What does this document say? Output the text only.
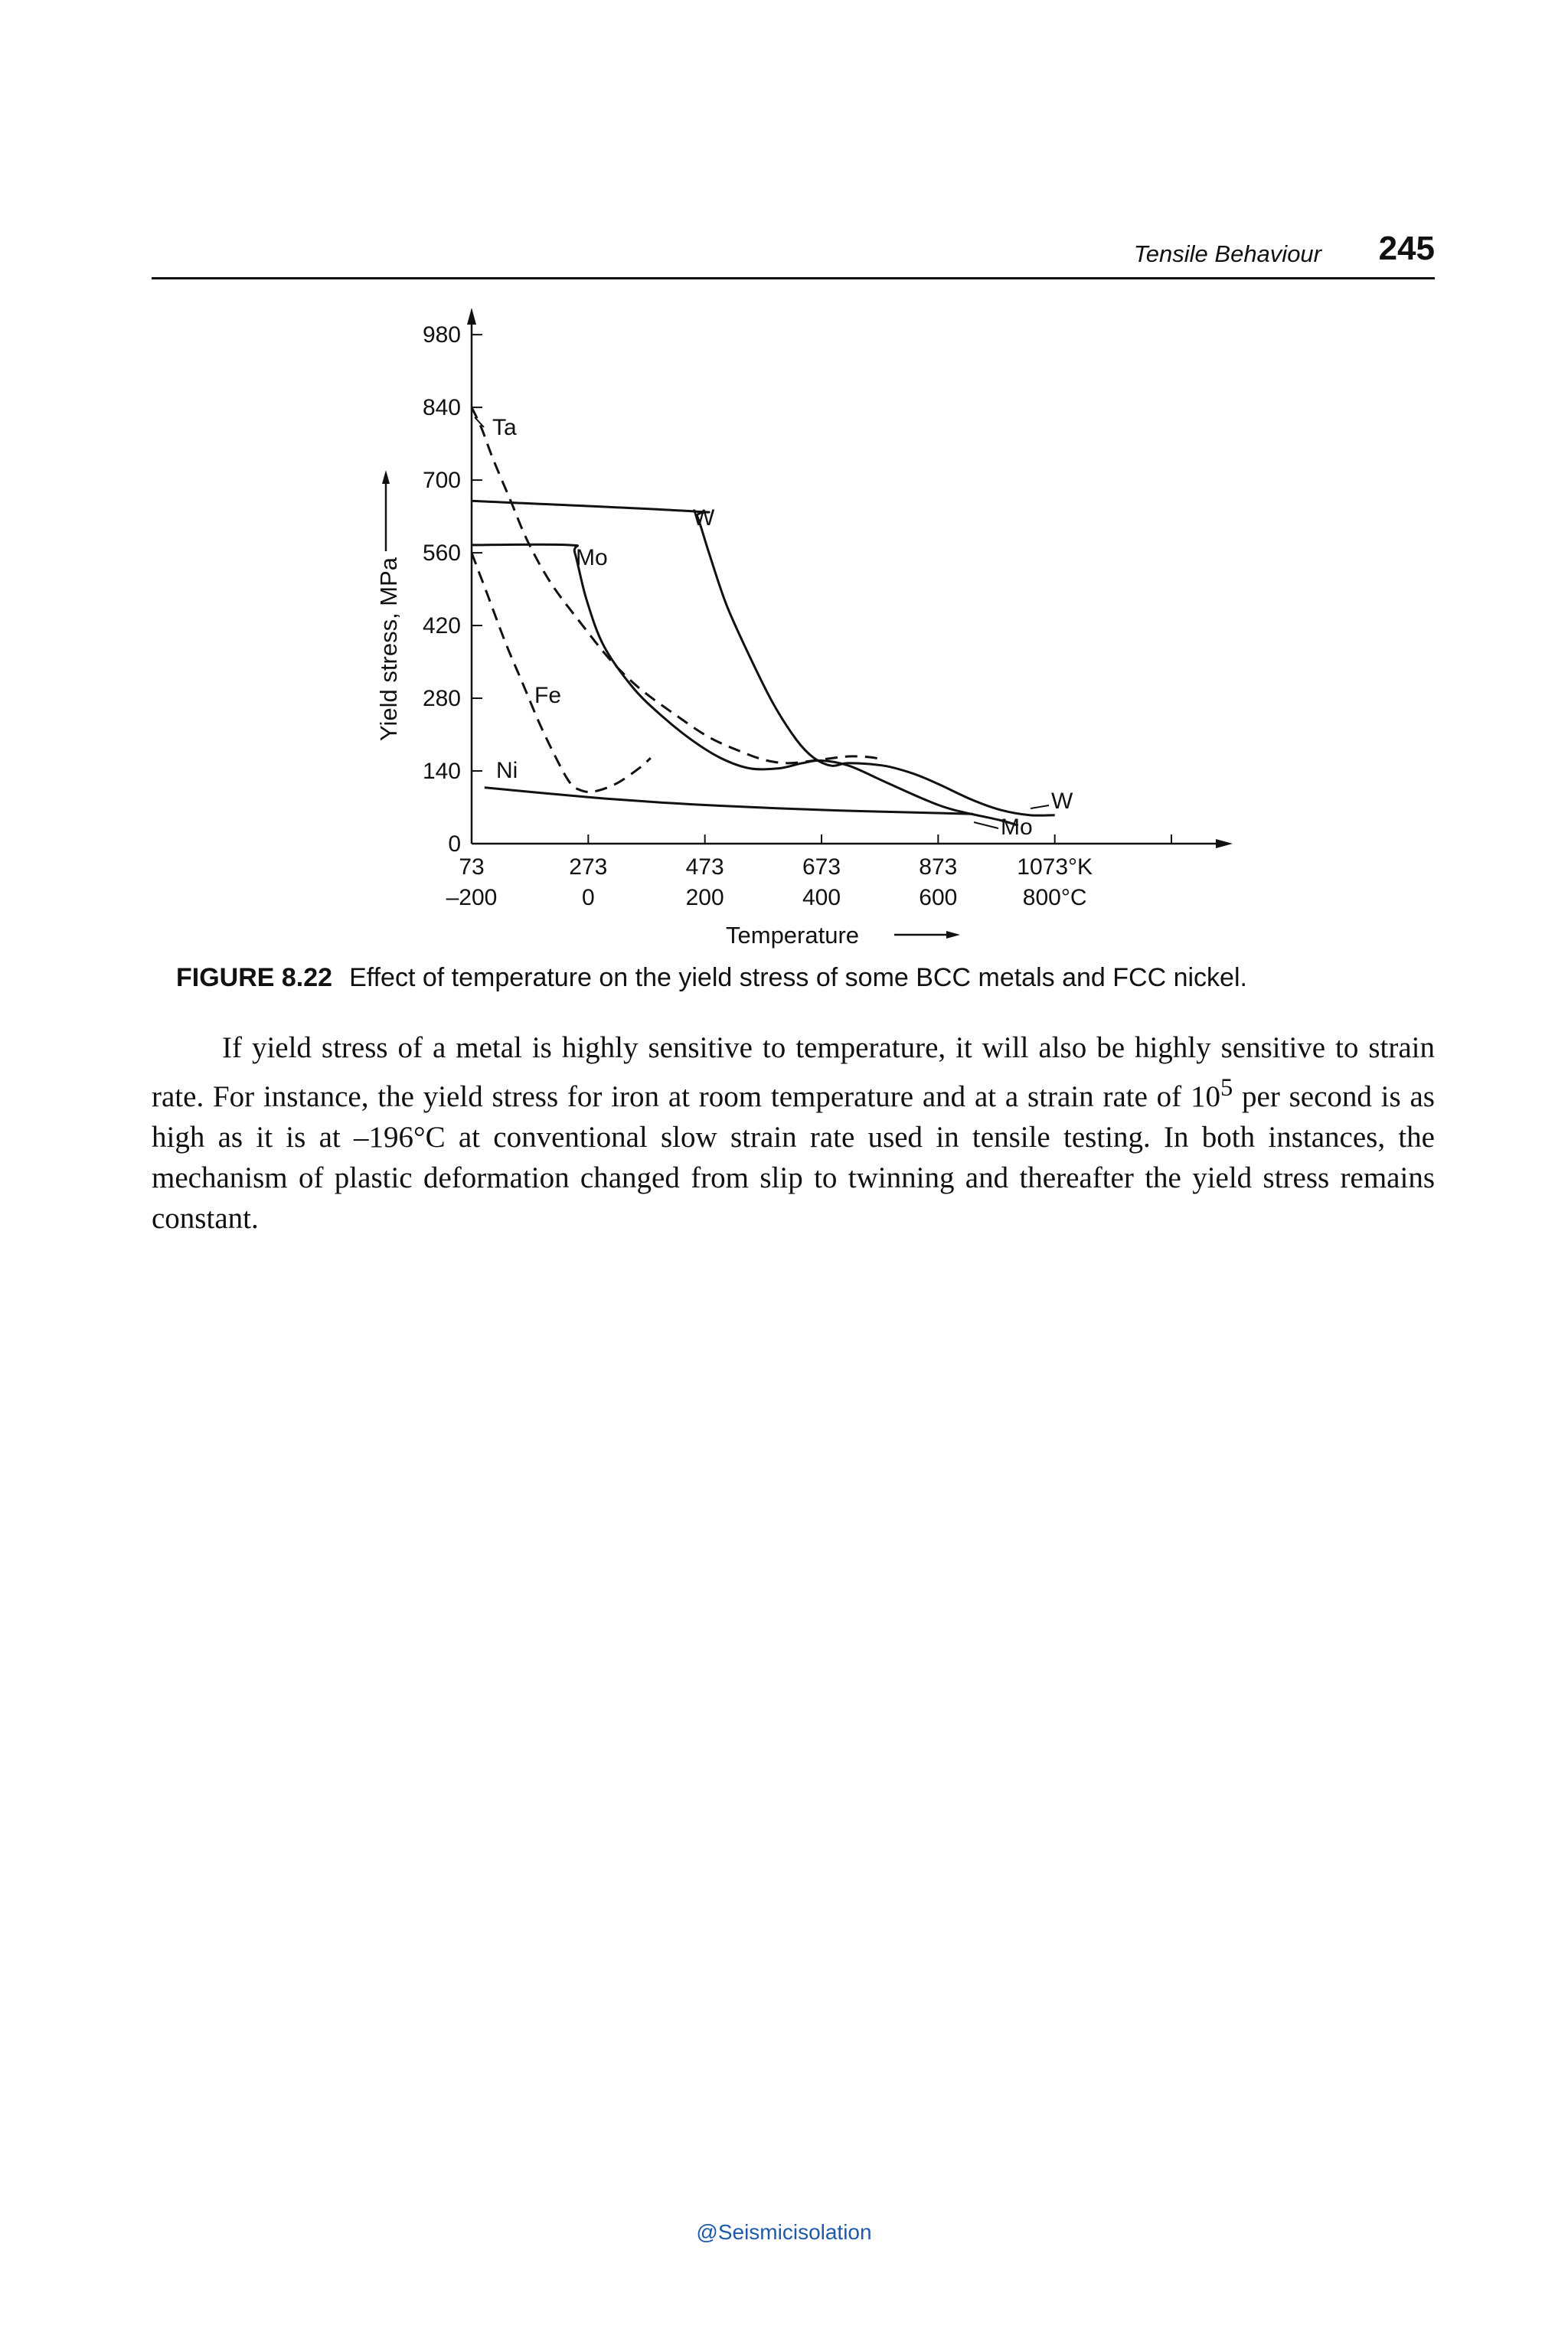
Tensile Behaviour 245
0
140
280
420
560
700
840
980
73
–200
273
0
473
200
673
400
873
600
1073°K
800°C
Temperature
Yield stress, MPa
Ta
W
Mo
Fe
Ni
W
Mo
FIGURE 8.22 Effect of temperature on the yield stress of some BCC metals and FCC nickel.

If yield stress of a metal is highly sensitive to temperature, it will also be highly sensitive to strain rate. For instance, the yield stress for iron at room temperature and at a strain rate of $10^5$ per second is as high as it is at –196°C at conventional slow strain rate used in tensile testing. In both instances, the mechanism of plastic deformation changed from slip to twinning and thereafter the yield stress remains constant.

@Seismicisolation
